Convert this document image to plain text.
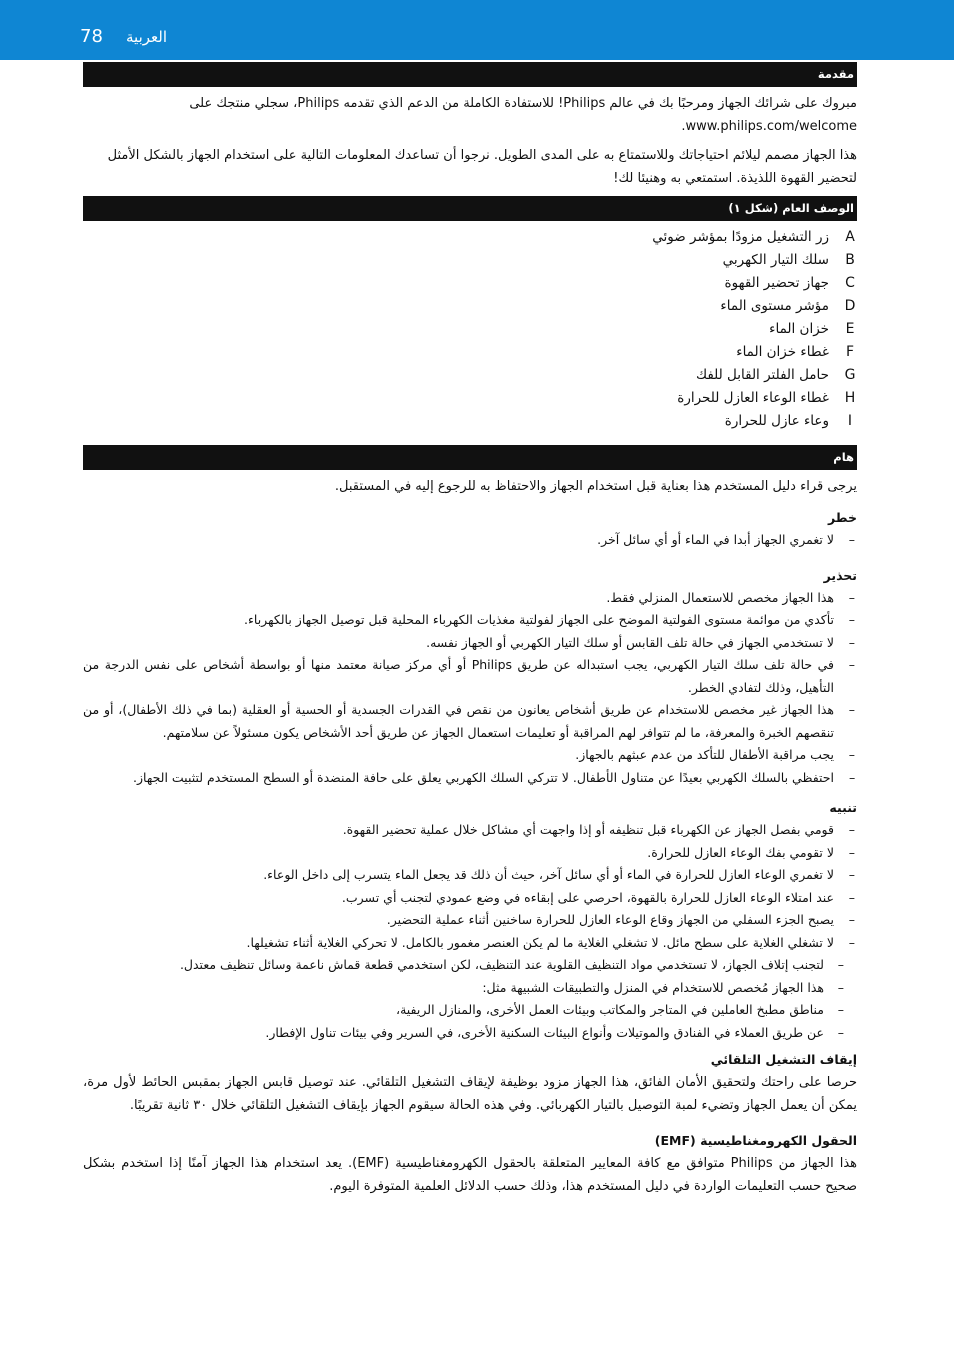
78 العربية
مقدمة

مبروك على شرائك الجهاز ومرحبًا بك في عالم Philips! للاستفادة الكاملة من الدعم الذي تقدمه Philips، سجلي منتجك على www.philips.com/welcome.

هذا الجهاز مصمم ليلائم احتياجاتك وللاستمتاع به على المدى الطويل. نرجوا أن تساعدك المعلومات التالية على استخدام الجهاز بالشكل الأمثل لتحضير القهوة اللذيذة. استمتعي به وهنيئا لك!

الوصف العام (شكل ١)
A
زر التشغيل مزودًا بمؤشر ضوئي
B
سلك التيار الكهربي
C
جهاز تحضير القهوة
D
مؤشر مستوى الماء
E
خزان الماء
F
غطاء خزان الماء
G
حامل الفلتر القابل للفك
H
غطاء الوعاء العازل للحرارة
I
وعاء عازل للحرارة
هام

يرجى قراء دليل المستخدم هذا بعناية قبل استخدام الجهاز والاحتفاظ به للرجوع إليه في المستقبل.

خطر
– لا تغمري الجهاز أبدا في الماء أو أي سائل آخر.
تحذير
– هذا الجهاز مخصص للاستعمال المنزلي فقط.
– تأكدي من موائمة مستوى الفولتية الموضح على الجهاز لفولتية مغذيات الكهرباء المحلية قبل توصيل الجهاز بالكهرباء.
– لا تستخدمي الجهاز في حالة تلف القابس أو سلك التيار الكهربي أو الجهاز نفسه.
– في حالة تلف سلك التيار الكهربي، يجب استبداله عن طريق Philips أو أي مركز صيانة معتمد منها أو بواسطة أشخاص على نفس الدرجة من التأهيل، وذلك لتفادي الخطر.
– هذا الجهاز غير مخصص للاستخدام عن طريق أشخاص يعانون من نقص في القدرات الجسدية أو الحسية أو العقلية (بما في ذلك الأطفال)، أو من تنقصهم الخبرة والمعرفة، ما لم تتوافر لهم المراقبة أو تعليمات استعمال الجهاز عن طريق أحد الأشخاص يكون مسئولاً عن سلامتهم.
– يجب مراقبة الأطفال للتأكد من عدم عبثهم بالجهاز.
– احتفظي بالسلك الكهربي بعيدًا عن متناول الأطفال. لا تتركي السلك الكهربي يعلق على حافة المنضدة أو السطح المستخدم لتثبيت الجهاز.
تنبيه
– قومي بفصل الجهاز عن الكهرباء قبل تنظيفه أو إذا واجهت أي مشاكل خلال عملية تحضير القهوة.
– لا تقومي بفك الوعاء العازل للحرارة.
– لا تغمري الوعاء العازل للحرارة في الماء أو أي سائل آخر، حيث أن ذلك قد يجعل الماء يتسرب إلى داخل الوعاء.
– عند امتلاء الوعاء العازل للحرارة بالقهوة، احرصي على إبقاءه في وضع عمودي لتجنب أي تسرب.
– يصبح الجزء السفلي من الجهاز وقاع الوعاء العازل للحرارة ساخنين أثناء عملية التحضير.
– لا تشغلي الغلاية على سطح مائل. لا تشغلي الغلاية ما لم يكن العنصر مغمور بالكامل. لا تحركي الغلاية أثناء تشغيلها.
– لتجنب إتلاف الجهاز، لا تستخدمي مواد التنظيف القلوية عند التنظيف، لكن استخدمي قطعة قماش ناعمة وسائل تنظيف معتدل.
– هذا الجهاز مُخصص للاستخدام في المنزل والتطبيقات الشبيهة مثل:
– مناطق مطبخ العاملين في المتاجر والمكاتب وبيئات العمل الأخرى، والمنازل الريفية،
– عن طريق العملاء في الفنادق والموتيلات وأنواع البيئات السكنية الأخرى، في السرير وفي بيئات تناول الإفطار.
إيقاف التشغيل التلقائي

حرصا على راحتك ولتحقيق الأمان الفائق، هذا الجهاز مزود بوظيفة لإيقاف التشغيل التلقائي. عند توصيل قابس الجهاز بمقبس الحائط لأول مرة، يمكن أن يعمل الجهاز وتضيء لمبة التوصيل بالتيار الكهربائي. وفي هذه الحالة سيقوم الجهاز بإيقاف التشغيل التلقائي خلال ٣٠ ثانية تقريبًا.

الحقول الكهرومغناطيسية (EMF)

هذا الجهاز من Philips متوافق مع كافة المعايير المتعلقة بالحقول الكهرومغناطيسية (EMF). يعد استخدام هذا الجهاز آمنًا إذا استخدم بشكل صحيح حسب التعليمات الواردة في دليل المستخدم هذا، وذلك حسب الدلائل العلمية المتوفرة اليوم.
